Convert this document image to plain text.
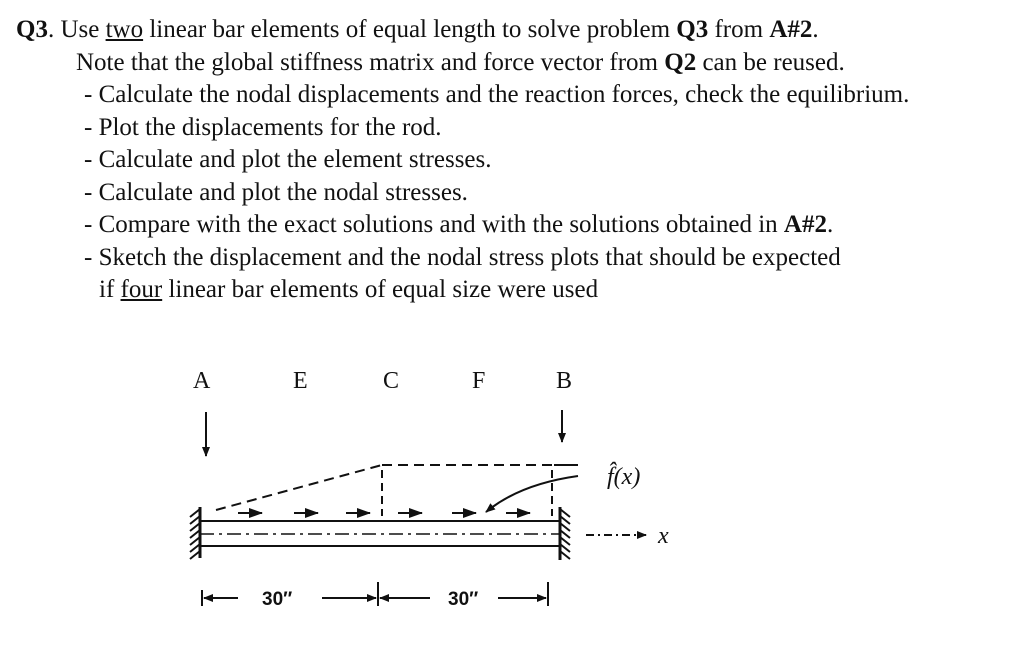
Q3. Use two linear bar elements of equal length to solve problem Q3 from A#2.
Note that the global stiffness matrix and force vector from Q2 can be reused.
- Calculate the nodal displacements and the reaction forces, check the equilibrium.
- Plot the displacements for the rod.
- Calculate and plot the element stresses.
- Calculate and plot the nodal stresses.
- Compare with the exact solutions and with the solutions obtained in A#2.
- Sketch the displacement and the nodal stress plots that should be expected
if four linear bar elements of equal size were used
A	E	C	F	B
f̂(x)
x
30″	30″
